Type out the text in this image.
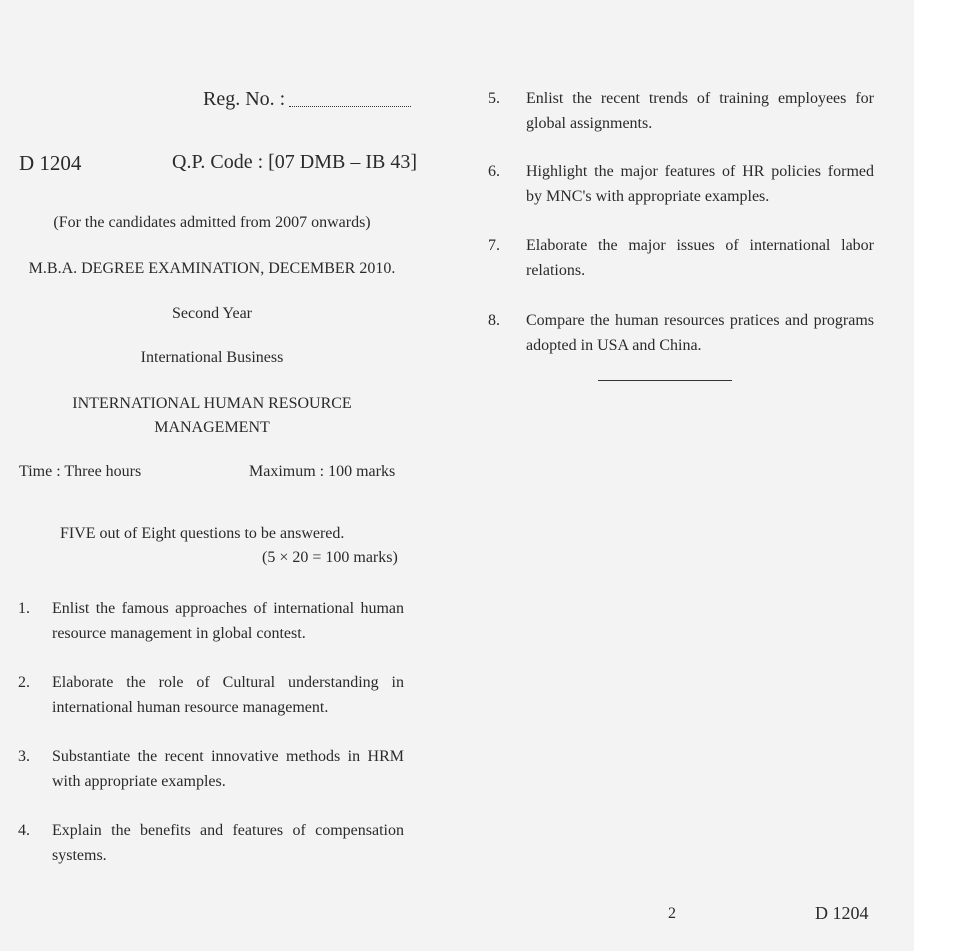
Reg. No. :
D 1204	Q.P. Code : [07 DMB – IB 43]
(For the candidates admitted from 2007 onwards)
M.B.A. DEGREE EXAMINATION, DECEMBER 2010.
Second Year
International Business
INTERNATIONAL HUMAN RESOURCE
MANAGEMENT
Time : Three hours	Maximum : 100 marks
FIVE out of Eight questions to be answered.
(5 × 20 = 100 marks)
1.	Enlist the famous approaches of international human resource management in global contest.
2.	Elaborate the role of Cultural understanding in international human resource management.
3.	Substantiate the recent innovative methods in HRM with appropriate examples.
4.	Explain the benefits and features of compensation systems.
5.	Enlist the recent trends of training employees for global assignments.
6.	Highlight the major features of HR policies formed by MNC's with appropriate examples.
7.	Elaborate the major issues of international labor relations.
8.	Compare the human resources pratices and programs adopted in USA and China.
2	D 1204
